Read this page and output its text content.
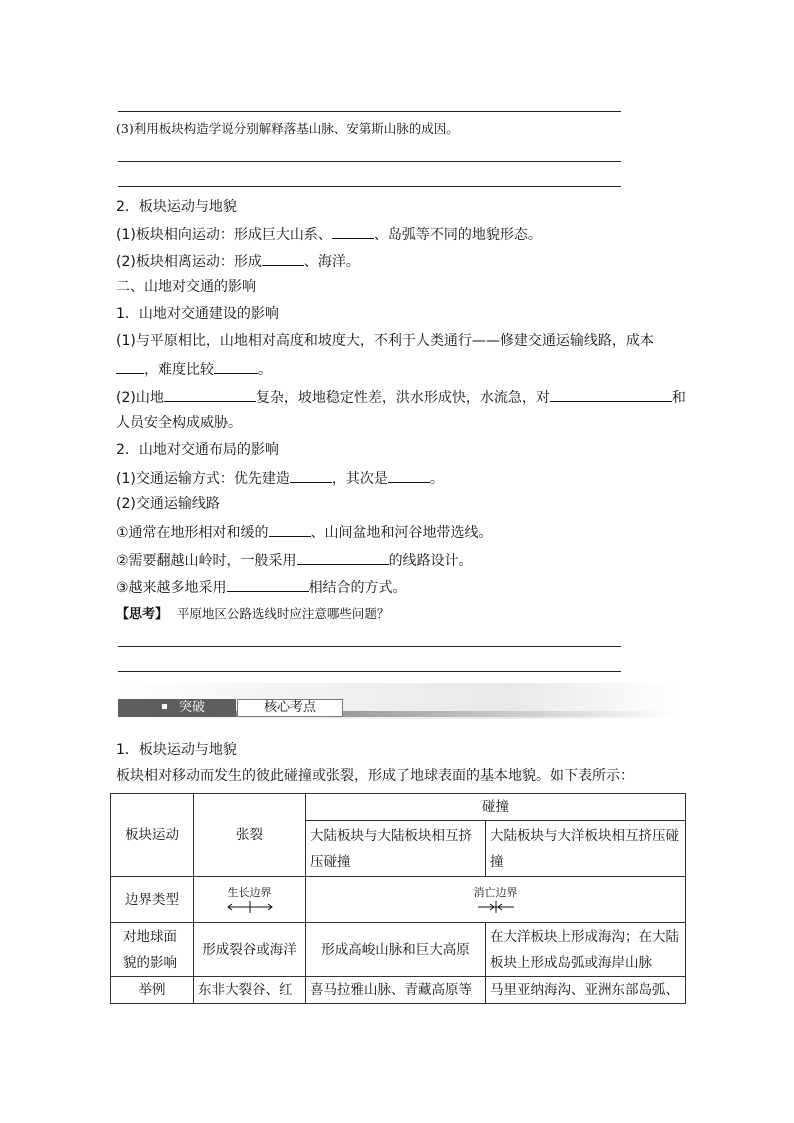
(3)利用板块构造学说分别解释落基山脉、安第斯山脉的成因。
2．板块运动与地貌
(1)板块相向运动：形成巨大山系、	、岛弧等不同的地貌形态。
(2)板块相离运动：形成	、海洋。
二、山地对交通的影响
1．山地对交通建设的影响
(1)与平原相比，山地相对高度和坡度大，不利于人类通行——修建交通运输线路，成本
，难度比较	。
(2)山地	复杂，坡地稳定性差，洪水形成快，水流急，对	和
人员安全构成威胁。
2．山地对交通布局的影响
(1)交通运输方式：优先建造	，其次是	。
(2)交通运输线路
①通常在地形相对和缓的	、山间盆地和河谷地带选线。
②需要翻越山岭时，一般采用	的线路设计。
③越来越多地采用	相结合的方式。
【思考】 平原地区公路选线时应注意哪些问题？
突破	核心考点
1．板块运动与地貌
板块相对移动而发生的彼此碰撞或张裂，形成了地球表面的基本地貌。如下表所示：
板块运动	张裂	碰撞	
		大陆板块与大陆板块相互挤压碰撞	大陆板块与大洋板块相互挤压碰撞
边界类型	生长边界	消亡边界	

对地球面貌的影响	形成裂谷或海洋	形成高峻山脉和巨大高原	在大洋板块上形成海沟；在大陆板块上形成岛弧或海岸山脉
举例	东非大裂谷、红	喜马拉雅山脉、青藏高原等	马里亚纳海沟、亚洲东部岛弧、
